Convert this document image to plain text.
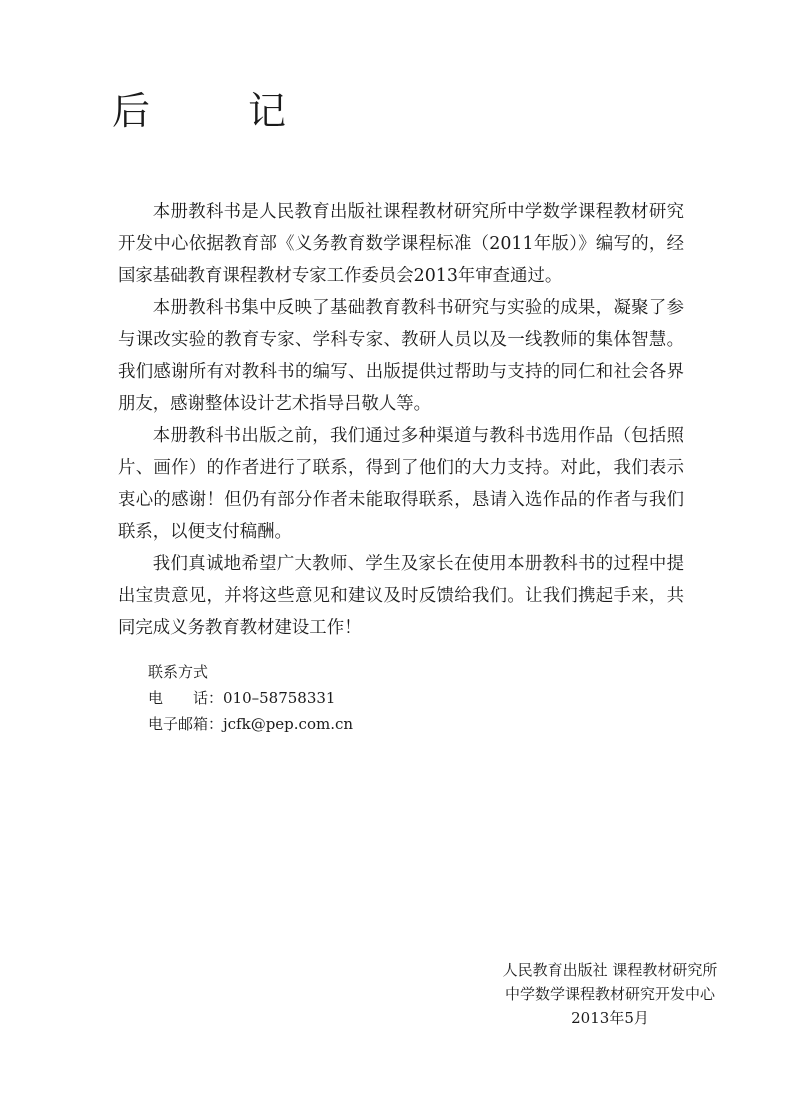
后　记

本册教科书是人民教育出版社课程教材研究所中学数学课程教材研究开发中心依据教育部《义务教育数学课程标准（2011年版）》编写的，经国家基础教育课程教材专家工作委员会2013年审查通过。

本册教科书集中反映了基础教育教科书研究与实验的成果，凝聚了参与课改实验的教育专家、学科专家、教研人员以及一线教师的集体智慧。我们感谢所有对教科书的编写、出版提供过帮助与支持的同仁和社会各界朋友，感谢整体设计艺术指导吕敬人等。

本册教科书出版之前，我们通过多种渠道与教科书选用作品（包括照片、画作）的作者进行了联系，得到了他们的大力支持。对此，我们表示衷心的感谢！但仍有部分作者未能取得联系，恳请入选作品的作者与我们联系，以便支付稿酬。

我们真诚地希望广大教师、学生及家长在使用本册教科书的过程中提出宝贵意见，并将这些意见和建议及时反馈给我们。让我们携起手来，共同完成义务教育教材建设工作！

联系方式
电　　话：010–58758331
电子邮箱：jcfk@pep.com.cn
人民教育出版社 课程教材研究所
中学数学课程教材研究开发中心
2013年5月
